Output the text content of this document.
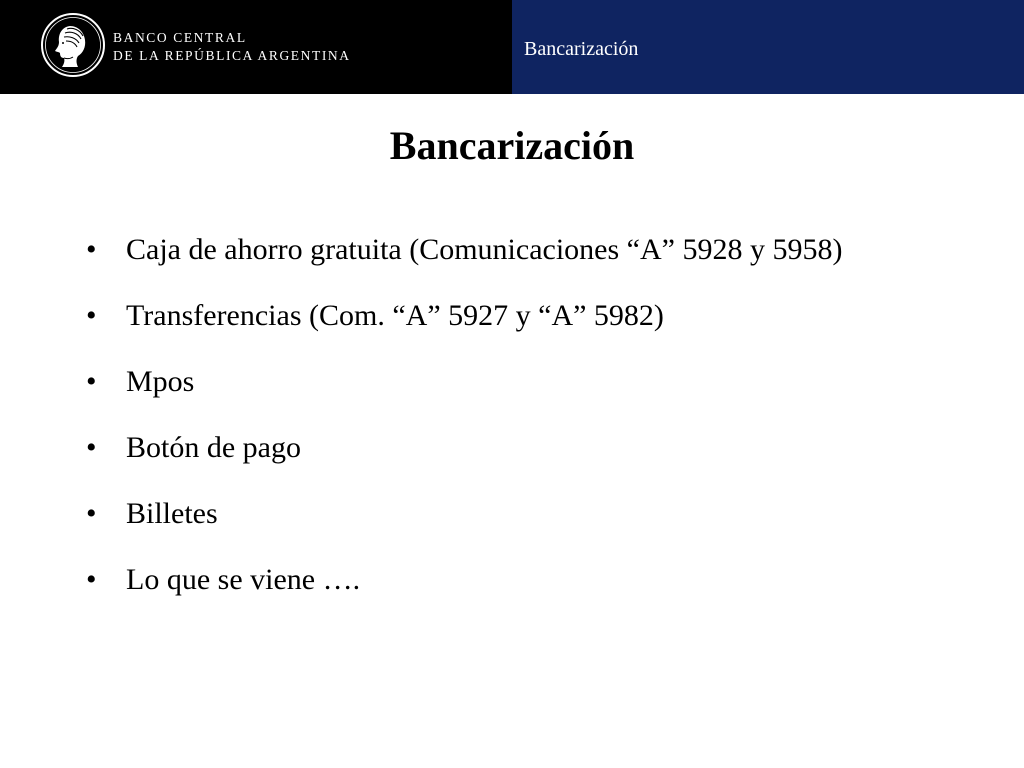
BANCO CENTRAL
DE LA REPÚBLICA ARGENTINA	Bancarización
Bancarización
• Caja de ahorro gratuita (Comunicaciones “A” 5928 y 5958)
• Transferencias (Com. “A” 5927 y “A” 5982)
• Mpos
• Botón de pago
• Billetes
• Lo que se viene ….
